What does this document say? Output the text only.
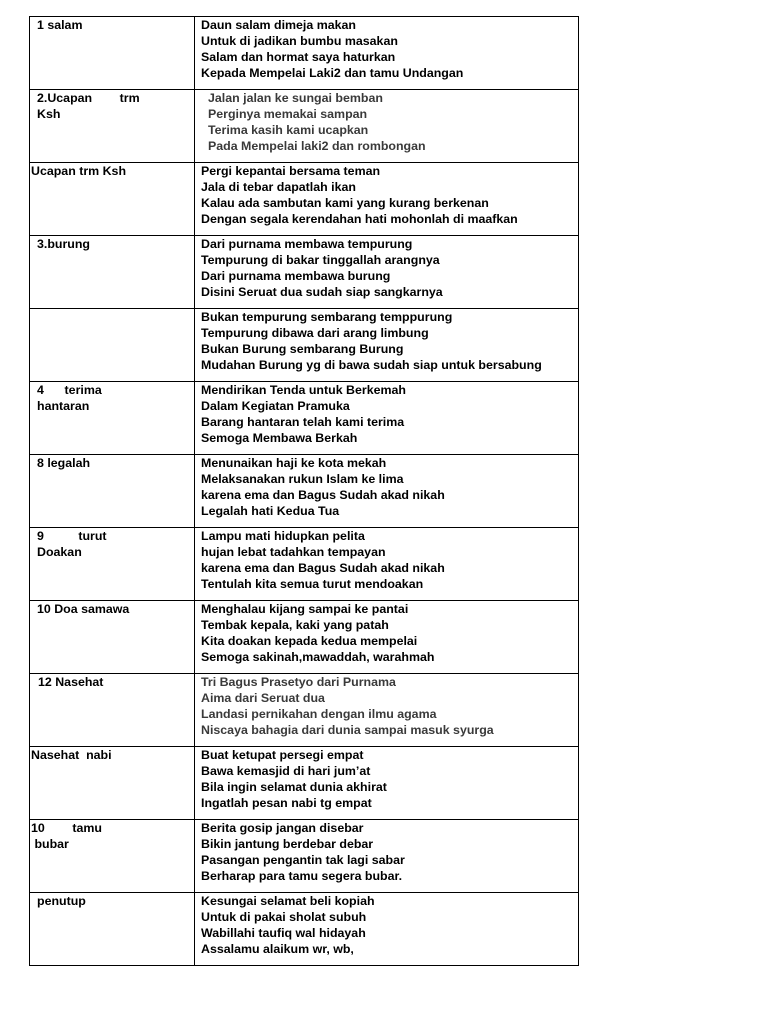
1 salam	Daun salam dimeja makan
Untuk di jadikan bumbu masakan
Salam dan hormat saya haturkan
Kepada Mempelai Laki2 dan tamu Undangan

2.Ucapan        trm
Ksh	Jalan jalan ke sungai bemban
Perginya memakai sampan
Terima kasih kami ucapkan
Pada Mempelai laki2 dan rombongan

Ucapan trm Ksh	Pergi kepantai bersama teman
Jala di tebar dapatlah ikan
Kalau ada sambutan kami yang kurang berkenan
Dengan segala kerendahan hati mohonlah di maafkan

3.burung	Dari purnama membawa tempurung
Tempurung di bakar tinggallah arangnya
Dari purnama membawa burung
Disini Seruat dua sudah siap sangkarnya

	Bukan tempurung sembarang temppurung
Tempurung dibawa dari arang limbung
Bukan Burung sembarang Burung
Mudahan Burung yg di bawa sudah siap untuk bersabung

4      terima
hantaran	Mendirikan Tenda untuk Berkemah
Dalam Kegiatan Pramuka
Barang hantaran telah kami terima
Semoga Membawa Berkah

8 legalah	Menunaikan haji ke kota mekah
Melaksanakan rukun Islam ke lima
karena ema dan Bagus Sudah akad nikah
Legalah hati Kedua Tua

9          turut
Doakan	Lampu mati hidupkan pelita
hujan lebat tadahkan tempayan
karena ema dan Bagus Sudah akad nikah
Tentulah kita semua turut mendoakan

10 Doa samawa	Menghalau kijang sampai ke pantai
Tembak kepala, kaki yang patah
Kita doakan kepada kedua mempelai
Semoga sakinah,mawaddah, warahmah

12 Nasehat	Tri Bagus Prasetyo dari Purnama
Aima dari Seruat dua
Landasi pernikahan dengan ilmu agama
Niscaya bahagia dari dunia sampai masuk syurga

Nasehat  nabi	Buat ketupat persegi empat
Bawa kemasjid di hari jum’at
Bila ingin selamat dunia akhirat
Ingatlah pesan nabi tg empat

10        tamu
bubar	Berita gosip jangan disebar
Bikin jantung berdebar debar
Pasangan pengantin tak lagi sabar
Berharap para tamu segera bubar.

penutup	Kesungai selamat beli kopiah
Untuk di pakai sholat subuh
Wabillahi taufiq wal hidayah
Assalamu alaikum wr, wb,
